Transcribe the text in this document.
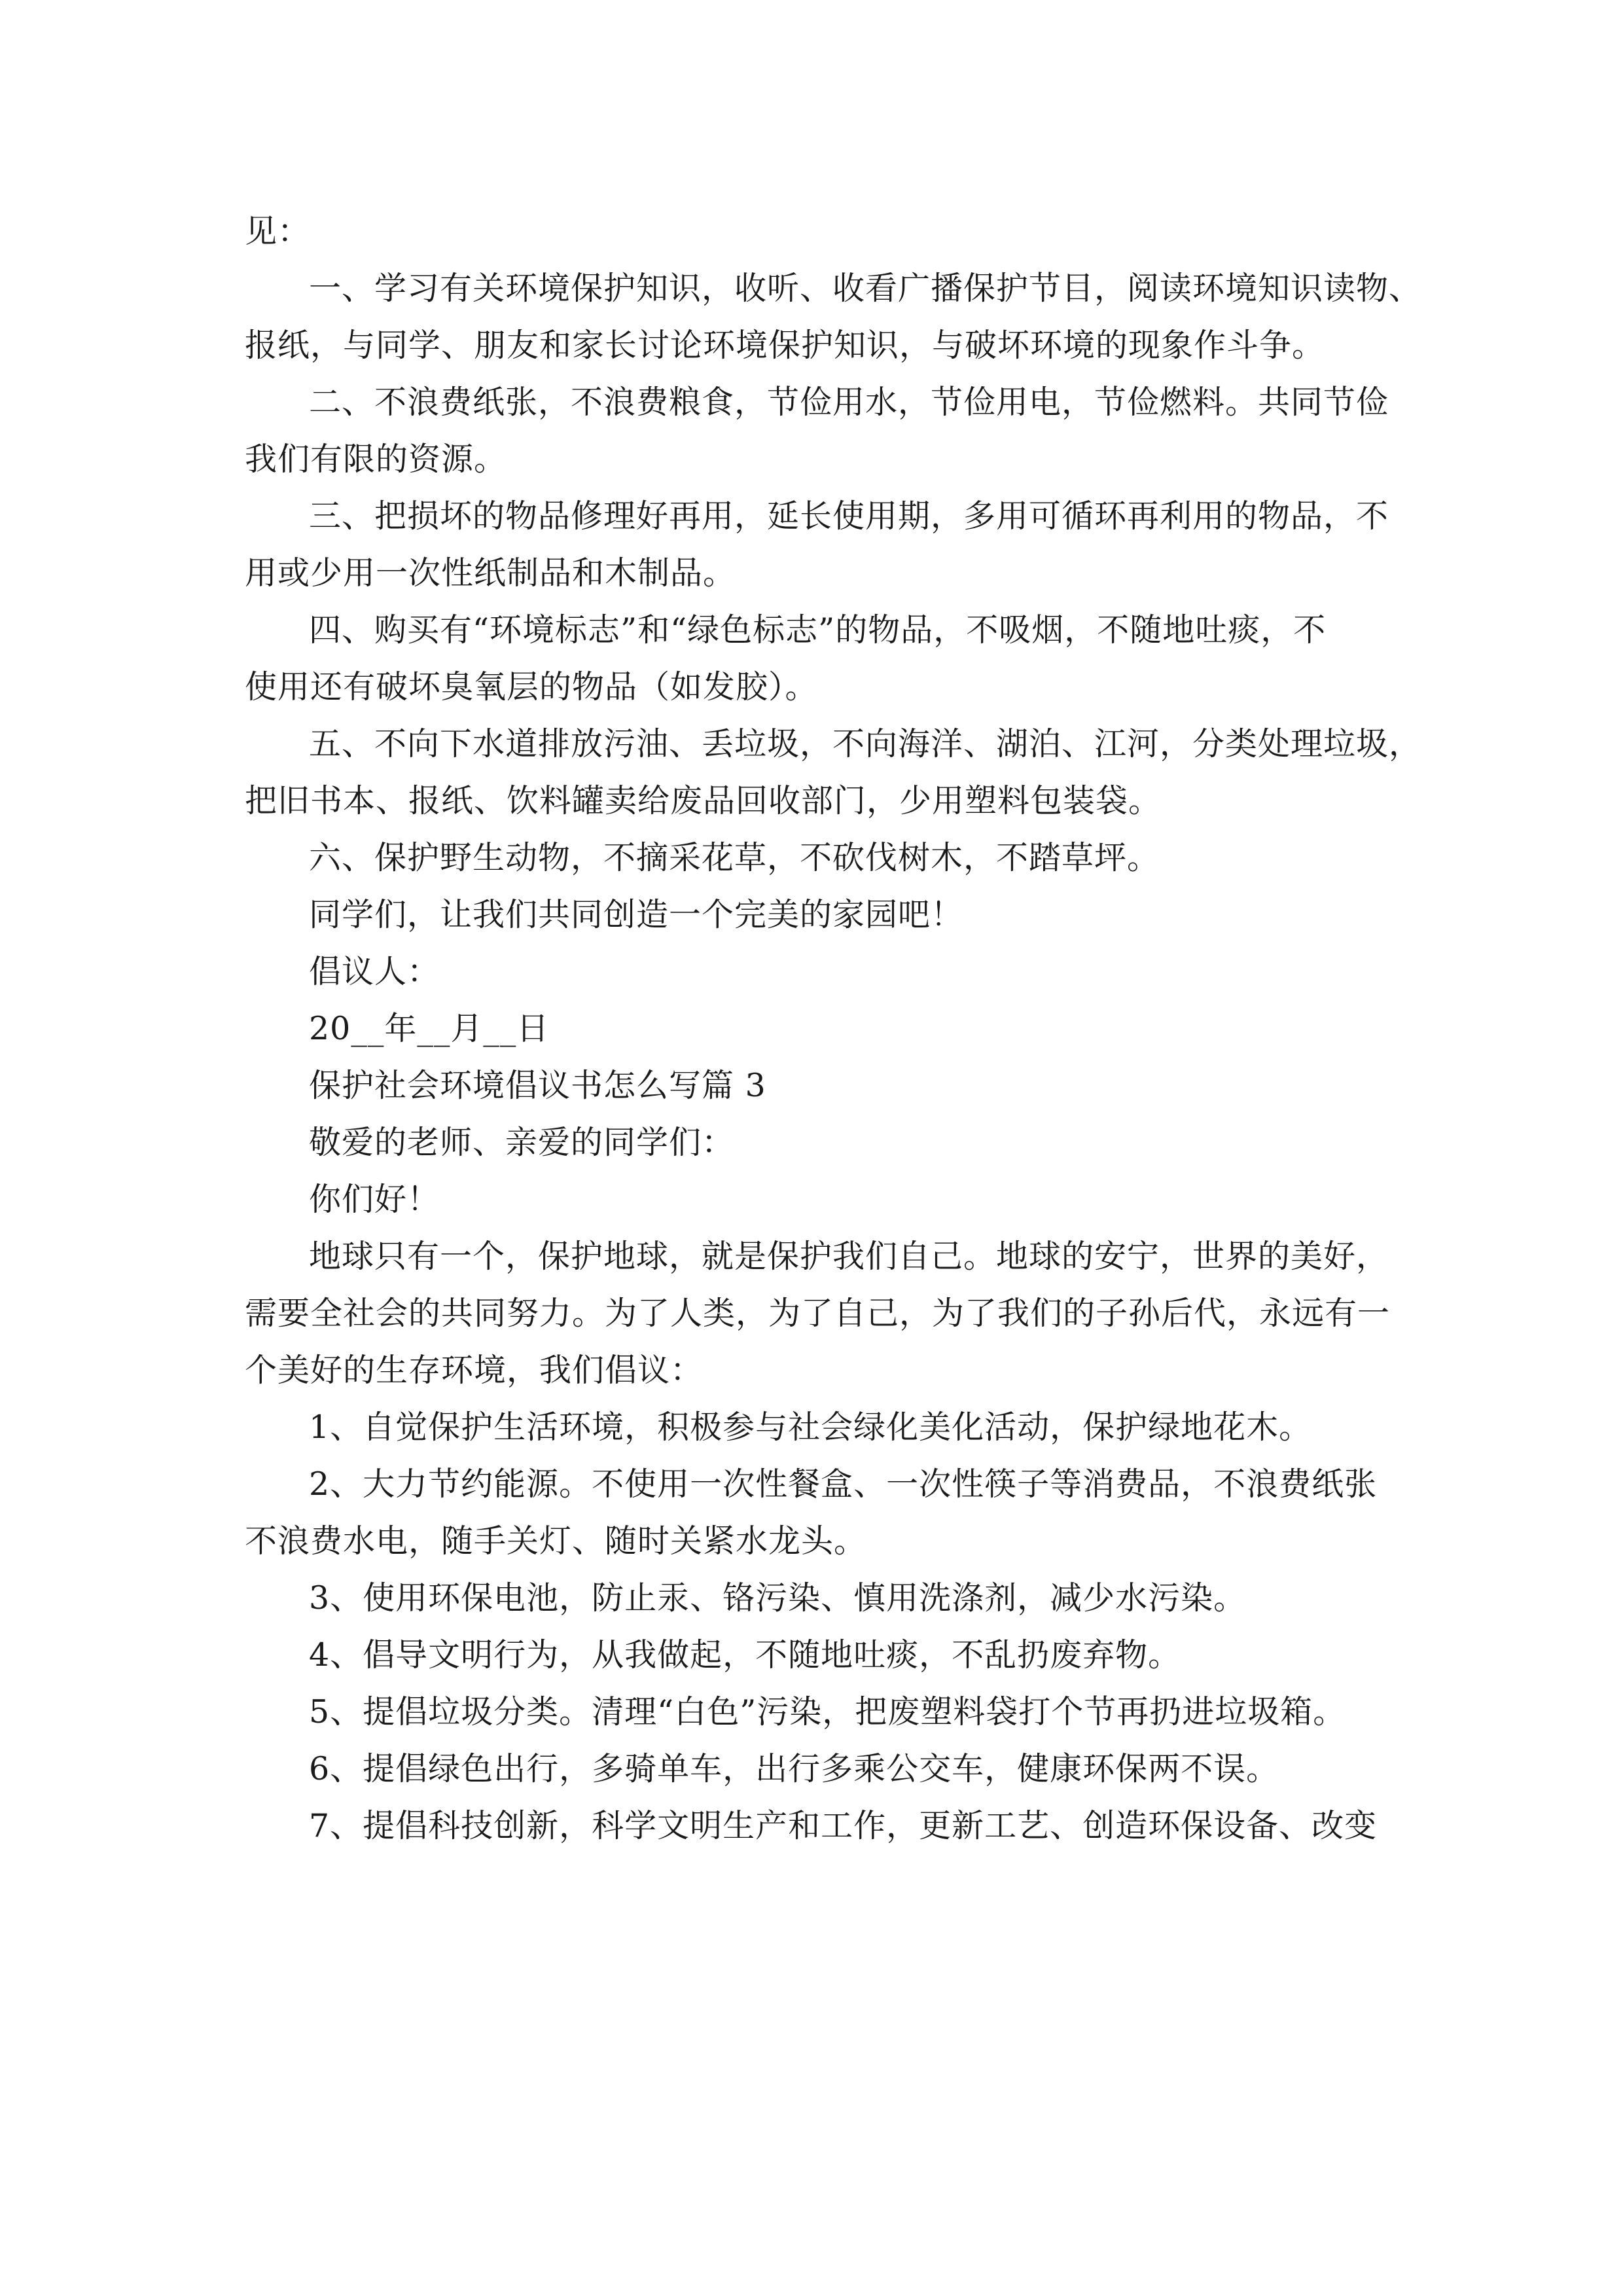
见：

一、学习有关环境保护知识，收听、收看广播保护节目，阅读环境知识读物、

报纸，与同学、朋友和家长讨论环境保护知识，与破坏环境的现象作斗争。

二、不浪费纸张，不浪费粮食，节俭用水，节俭用电，节俭燃料。共同节俭

我们有限的资源。

三、把损坏的物品修理好再用，延长使用期，多用可循环再利用的物品，不

用或少用一次性纸制品和木制品。

四、购买有“环境标志”和“绿色标志”的物品，不吸烟，不随地吐痰，不

使用还有破坏臭氧层的物品（如发胶）。

五、不向下水道排放污油、丢垃圾，不向海洋、湖泊、江河，分类处理垃圾，

把旧书本、报纸、饮料罐卖给废品回收部门，少用塑料包装袋。

六、保护野生动物，不摘采花草，不砍伐树木，不踏草坪。

同学们，让我们共同创造一个完美的家园吧！

倡议人：

20__年__月__日

保护社会环境倡议书怎么写篇 3

敬爱的老师、亲爱的同学们：

你们好！

地球只有一个，保护地球，就是保护我们自己。地球的安宁，世界的美好，

需要全社会的共同努力。为了人类，为了自己，为了我们的子孙后代，永远有一

个美好的生存环境，我们倡议：

1、自觉保护生活环境，积极参与社会绿化美化活动，保护绿地花木。

2、大力节约能源。不使用一次性餐盒、一次性筷子等消费品，不浪费纸张

不浪费水电，随手关灯、随时关紧水龙头。

3、使用环保电池，防止汞、铬污染、慎用洗涤剂，减少水污染。

4、倡导文明行为，从我做起，不随地吐痰，不乱扔废弃物。

5、提倡垃圾分类。清理“白色”污染，把废塑料袋打个节再扔进垃圾箱。

6、提倡绿色出行，多骑单车，出行多乘公交车，健康环保两不误。

7、提倡科技创新，科学文明生产和工作，更新工艺、创造环保设备、改变
